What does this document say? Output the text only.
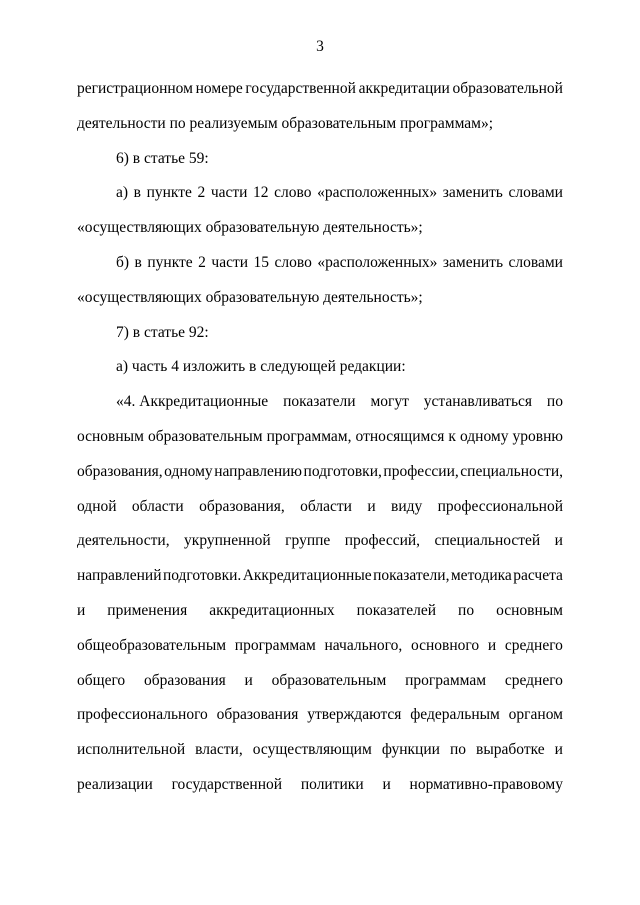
3
регистрационном номере государственной аккредитации образовательной
деятельности по реализуемым образовательным программам»;
6) в статье 59:
а) в пункте 2 части 12 слово «расположенных» заменить словами
«осуществляющих образовательную деятельность»;
б) в пункте 2 части 15 слово «расположенных» заменить словами
«осуществляющих образовательную деятельность»;
7) в статье 92:
а) часть 4 изложить в следующей редакции:
«4. Аккредитационные показатели могут устанавливаться по
основным образовательным программам, относящимся к одному уровню
образования, одному направлению подготовки, профессии, специальности,
одной области образования, области и виду профессиональной
деятельности, укрупненной группе профессий, специальностей и
направлений подготовки. Аккредитационные показатели, методика расчета
и применения аккредитационных показателей по основным
общеобразовательным программам начального, основного и среднего
общего образования и образовательным программам среднего
профессионального образования утверждаются федеральным органом
исполнительной власти, осуществляющим функции по выработке и
реализации государственной политики и нормативно-правовому
